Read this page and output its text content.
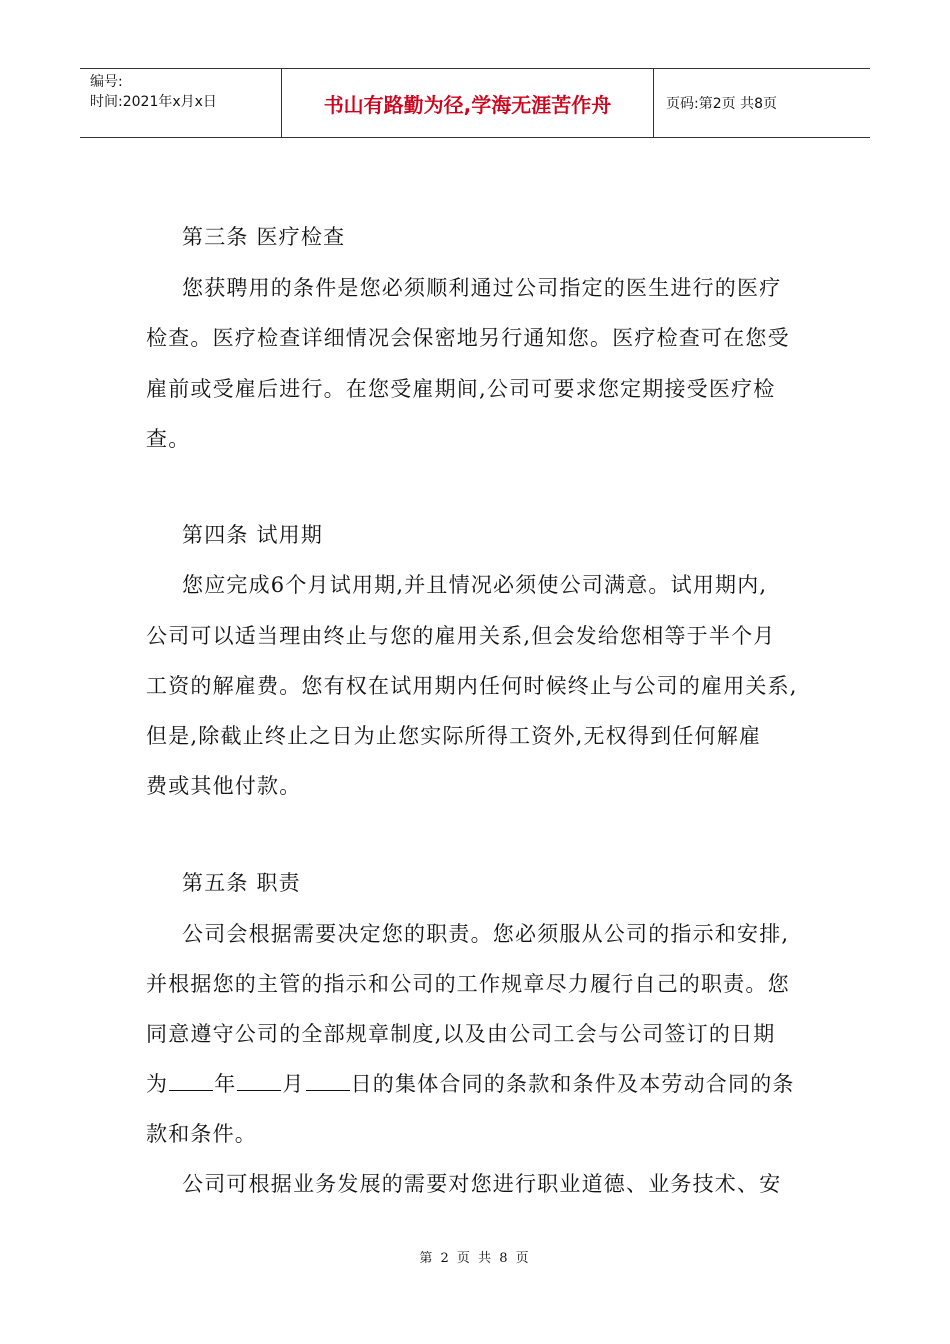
编号:
时间:2021年x月x日	书山有路勤为径,学海无涯苦作舟	页码:第2页 共8页
第三条 医疗检查
您获聘用的条件是您必须顺利通过公司指定的医生进行的医疗
检查。医疗检查详细情况会保密地另行通知您。医疗检查可在您受
雇前或受雇后进行。在您受雇期间,公司可要求您定期接受医疗检
查。
第四条 试用期
您应完成6个月试用期,并且情况必须使公司满意。试用期内,
公司可以适当理由终止与您的雇用关系,但会发给您相等于半个月
工资的解雇费。您有权在试用期内任何时候终止与公司的雇用关系,
但是,除截止终止之日为止您实际所得工资外,无权得到任何解雇
费或其他付款。
第五条 职责
公司会根据需要决定您的职责。您必须服从公司的指示和安排,
并根据您的主管的指示和公司的工作规章尽力履行自己的职责。您
同意遵守公司的全部规章制度,以及由公司工会与公司签订的日期
为 年 月 日的集体合同的条款和条件及本劳动合同的条
款和条件。
公司可根据业务发展的需要对您进行职业道德、业务技术、安
第 2 页 共 8 页
